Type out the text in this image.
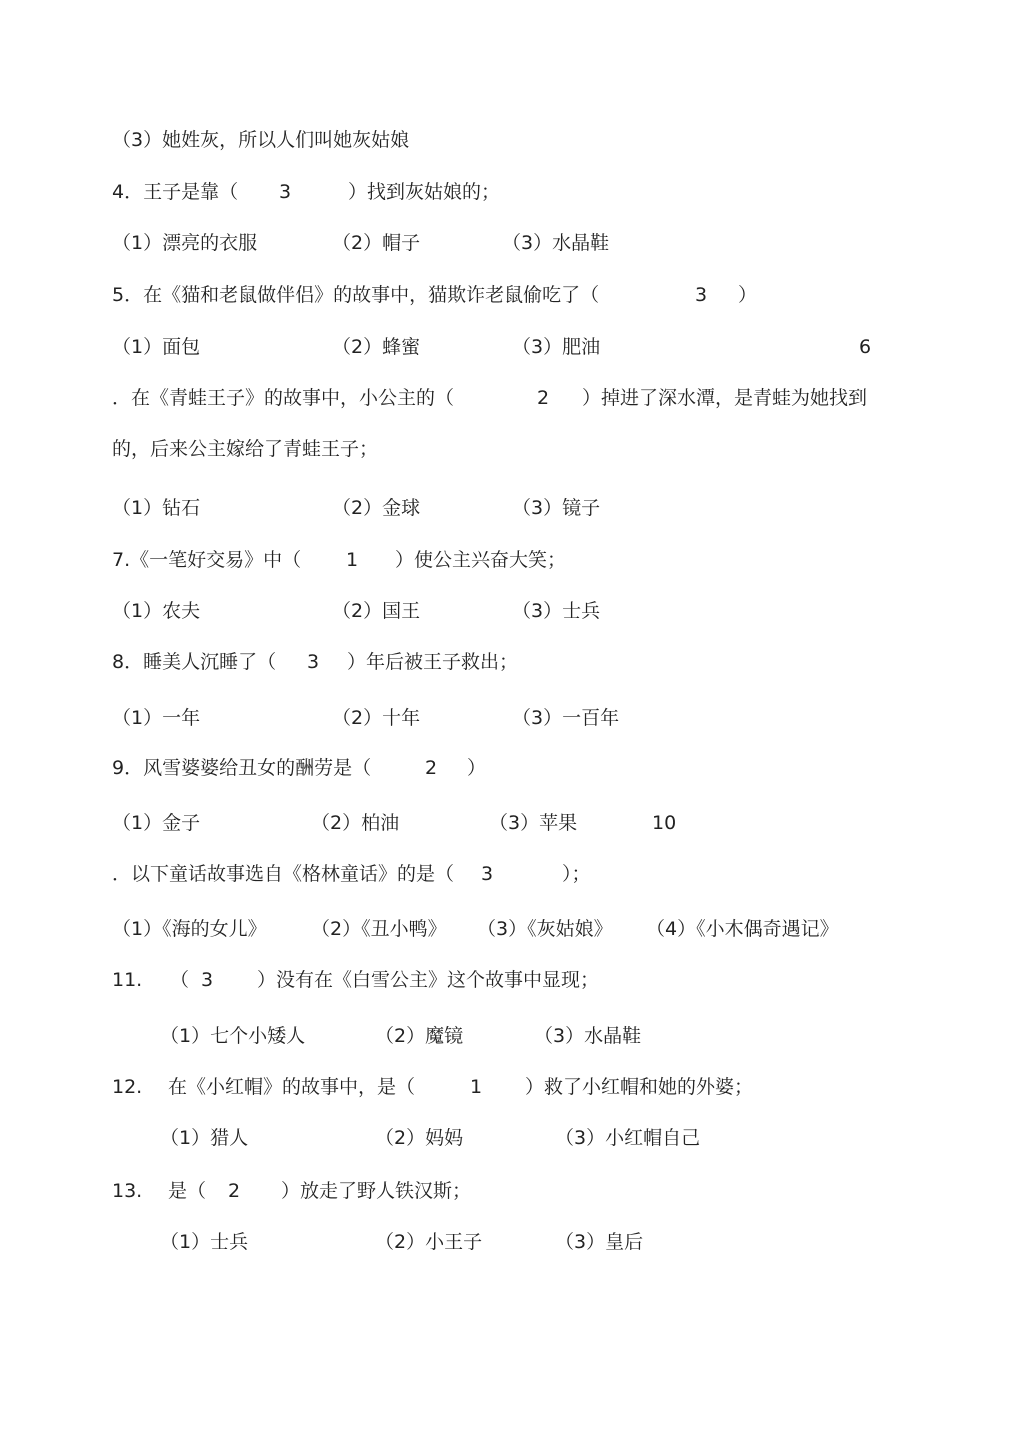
（3）她姓灰，所以人们叫她灰姑娘
4．王子是靠（ 3	）找到灰姑娘的；
（1）漂亮的衣服	（2）帽子	（3）水晶鞋
5．在《猫和老鼠做伴侣》的故事中，猫欺诈老鼠偷吃了（	3 ）
（1）面包	（2）蜂蜜	（3）肥油	6
．在《青蛙王子》的故事中，小公主的（	2 ）掉进了深水潭，是青蛙为她找到
的，后来公主嫁给了青蛙王子；
（1）钻石	（2）金球	（3）镜子
7.《一笔好交易》中（ 1 ）使公主兴奋大笑；
（1）农夫	（2）国王	（3）士兵
8．睡美人沉睡了（ 3 ）年后被王子救出；
（1）一年	（2）十年	（3）一百年
9．风雪婆婆给丑女的酬劳是（	2 ）
（1）金子	（2）柏油	（3）苹果	10
．以下童话故事选自《格林童话》的是（ 3	）；
（1）《海的女儿》 （2）《丑小鸭》 （3）《灰姑娘》 （4）《小木偶奇遇记》
11. （ 3 ）没有在《白雪公主》这个故事中显现；
（1）七个小矮人	（2）魔镜	（3）水晶鞋
12. 在《小红帽》的故事中，是（	1 ）救了小红帽和她的外婆；
（1）猎人	（2）妈妈	（3）小红帽自己
13. 是（ 2 ）放走了野人铁汉斯；
（1）士兵	（2）小王子	（3）皇后
